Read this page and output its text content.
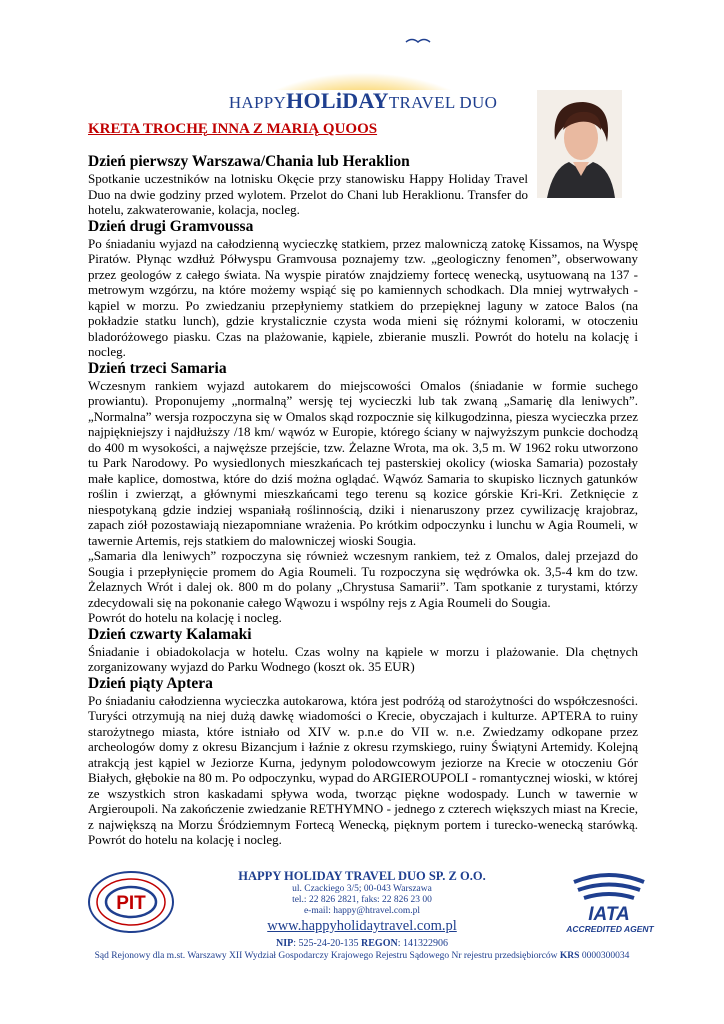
HAPPYHOLiDAYTRAVEL DUO
KRETA TROCHĘ INNA Z MARIĄ QUOOS
Dzień pierwszy Warszawa/Chania lub Heraklion

Spotkanie uczestników na lotnisku Okęcie przy stanowisku Happy Holiday Travel Duo na dwie godziny przed wylotem. Przelot do Chani lub Heraklionu. Transfer do hotelu, zakwaterowanie, kolacja, nocleg.

Dzień drugi Gramvoussa

Po śniadaniu wyjazd na całodzienną wycieczkę statkiem, przez malowniczą zatokę Kissamos, na Wyspę Piratów. Płynąc wzdłuż Półwyspu Gramvousa poznajemy tzw. „geologiczny fenomen”, obserwowany przez geologów z całego świata. Na wyspie piratów znajdziemy fortecę wenecką, usytuowaną na 137 - metrowym wzgórzu, na które możemy wspiąć się po kamiennych schodkach. Dla mniej wytrwałych - kąpiel w morzu. Po zwiedzaniu przepłyniemy statkiem do przepięknej laguny w zatoce Balos (na pokładzie statku lunch), gdzie krystalicznie czysta woda mieni się różnymi kolorami, w otoczeniu bladoróżowego piasku. Czas na plażowanie, kąpiele, zbieranie muszli. Powrót do hotelu na kolację i nocleg.

Dzień trzeci Samaria

Wczesnym rankiem wyjazd autokarem do miejscowości Omalos (śniadanie w formie suchego prowiantu). Proponujemy „normalną” wersję tej wycieczki lub tak zwaną „Samarię dla leniwych”. „Normalna” wersja rozpoczyna się w Omalos skąd rozpocznie się kilkugodzinna, piesza wycieczka przez najpiękniejszy i najdłuższy /18 km/ wąwóz w Europie, którego ściany w najwyższym punkcie dochodzą do 400 m wysokości, a najwęższe przejście, tzw. Żelazne Wrota, ma ok. 3,5 m. W 1962 roku utworzono tu Park Narodowy. Po wysiedlonych mieszkańcach tej pasterskiej okolicy (wioska Samaria) pozostały małe kaplice, domostwa, które do dziś można oglądać. Wąwóz Samaria to skupisko licznych gatunków roślin i zwierząt, a głównymi mieszkańcami tego terenu są kozice górskie Kri-Kri. Zetknięcie z niespotykaną gdzie indziej wspaniałą roślinnością, dziki i nienaruszony przez cywilizację krajobraz, zapach ziół pozostawiają niezapomniane wrażenia. Po krótkim odpoczynku i lunchu w Agia Roumeli, w tawernie Artemis, rejs statkiem do malowniczej wioski Sougia.

„Samaria dla leniwych” rozpoczyna się również wczesnym rankiem, też z Omalos, dalej przejazd do Sougia i przepłynięcie promem do Agia Roumeli. Tu rozpoczyna się wędrówka ok. 3,5-4 km do tzw. Żelaznych Wrót i dalej ok. 800 m do polany „Chrystusa Samarii”. Tam spotkanie z turystami, którzy zdecydowali się na pokonanie całego Wąwozu i wspólny rejs z Agia Roumeli do Sougia.

Powrót do hotelu na kolację i nocleg.

Dzień czwarty Kalamaki

Śniadanie i obiadokolacja w hotelu. Czas wolny na kąpiele w morzu i plażowanie. Dla chętnych zorganizowany wyjazd do Parku Wodnego (koszt ok. 35 EUR)

Dzień piąty Aptera

Po śniadaniu całodzienna wycieczka autokarowa, która jest podróżą od starożytności do współczesności. Turyści otrzymują na niej dużą dawkę wiadomości o Krecie, obyczajach i kulturze. APTERA to ruiny starożytnego miasta, które istniało od XIV w. p.n.e do VII w. n.e. Zwiedzamy odkopane przez archeologów domy z okresu Bizancjum i łaźnie z okresu rzymskiego, ruiny Świątyni Artemidy. Kolejną atrakcją jest kąpiel w Jeziorze Kurna, jedynym polodowcowym jeziorze na Krecie w otoczeniu Gór Białych, głębokie na 80 m. Po odpoczynku, wypad do ARGIEROUPOLI - romantycznej wioski, w której ze wszystkich stron kaskadami spływa woda, tworząc piękne wodospady. Lunch w tawernie w Argieroupoli. Na zakończenie zwiedzanie RETHYMNO - jednego z czterech większych miast na Krecie, z największą na Morzu Śródziemnym Fortecą Wenecką, pięknym portem i turecko-wenecką starówką. Powrót do hotelu na kolację i nocleg.

PIT
IATA
ACCREDITED AGENT
HAPPY HOLIDAY TRAVEL DUO SP. Z O.O.
ul. Czackiego 3/5; 00-043 Warszawa
tel.: 22 826 2821, faks: 22 826 23 00
e-mail: happy@htravel.com.pl
www.happyholidaytravel.com.pl
NIP: 525-24-20-135 REGON: 141322906
Sąd Rejonowy dla m.st. Warszawy XII Wydział Gospodarczy Krajowego Rejestru Sądowego Nr rejestru przedsiębiorców KRS 0000300034
